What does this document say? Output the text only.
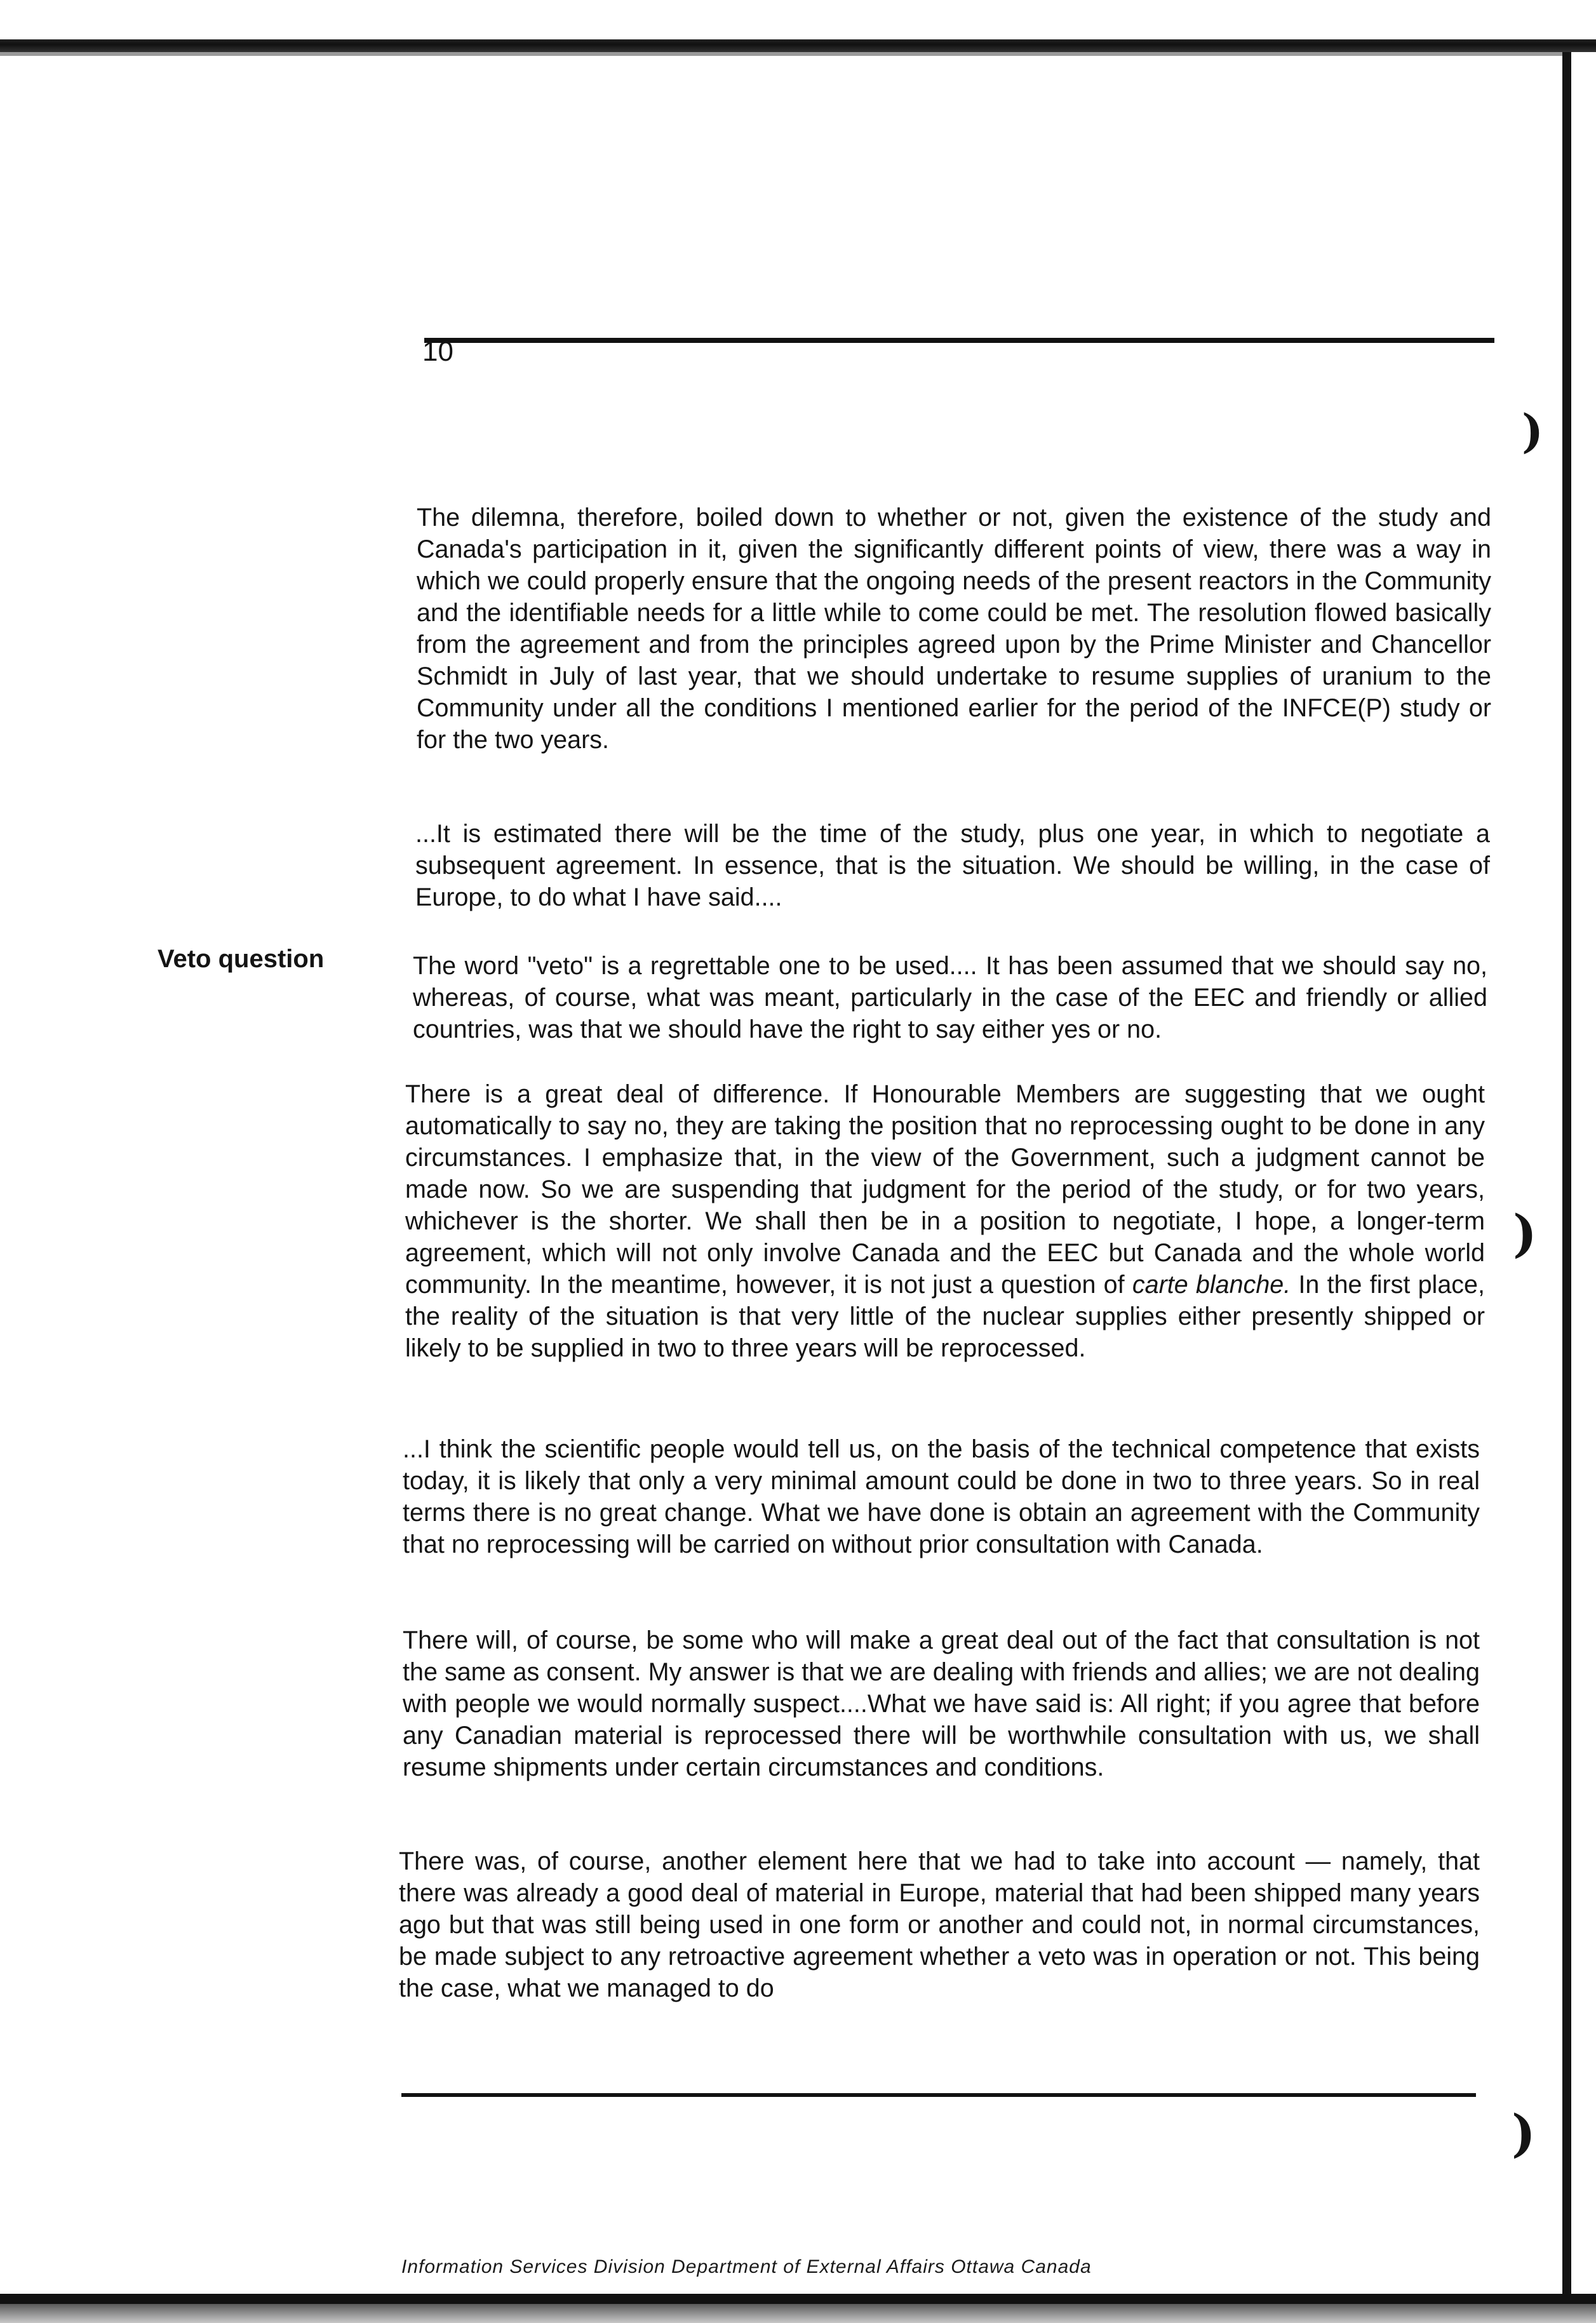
10
)
)
)
Veto question

The dilemna, therefore, boiled down to whether or not, given the existence of the study and Canada's participation in it, given the significantly different points of view, there was a way in which we could properly ensure that the ongoing needs of the present reactors in the Community and the identifiable needs for a little while to come could be met. The resolution flowed basically from the agreement and from the principles agreed upon by the Prime Minister and Chancellor Schmidt in July of last year, that we should undertake to resume supplies of uranium to the Community under all the conditions I mentioned earlier for the period of the INFCE(P) study or for the two years.

...It is estimated there will be the time of the study, plus one year, in which to negotiate a subsequent agreement. In essence, that is the situation. We should be willing, in the case of Europe, to do what I have said....

The word "veto" is a regrettable one to be used.... It has been assumed that we should say no, whereas, of course, what was meant, particularly in the case of the EEC and friendly or allied countries, was that we should have the right to say either yes or no.

There is a great deal of difference. If Honourable Members are suggesting that we ought automatically to say no, they are taking the position that no reprocessing ought to be done in any circumstances. I emphasize that, in the view of the Government, such a judgment cannot be made now. So we are suspending that judgment for the period of the study, or for two years, whichever is the shorter. We shall then be in a position to negotiate, I hope, a longer-term agreement, which will not only involve Canada and the EEC but Canada and the whole world community. In the meantime, however, it is not just a question of carte blanche. In the first place, the reality of the situation is that very little of the nuclear supplies either presently shipped or likely to be supplied in two to three years will be reprocessed.

...I think the scientific people would tell us, on the basis of the technical competence that exists today, it is likely that only a very minimal amount could be done in two to three years. So in real terms there is no great change. What we have done is obtain an agreement with the Community that no reprocessing will be carried on without prior consultation with Canada.

There will, of course, be some who will make a great deal out of the fact that consultation is not the same as consent. My answer is that we are dealing with friends and allies; we are not dealing with people we would normally suspect....What we have said is: All right; if you agree that before any Canadian material is reprocessed there will be worthwhile consultation with us, we shall resume shipments under certain circumstances and conditions.

There was, of course, another element here that we had to take into account — namely, that there was already a good deal of material in Europe, material that had been shipped many years ago but that was still being used in one form or another and could not, in normal circumstances, be made subject to any retroactive agreement whether a veto was in operation or not. This being the case, what we managed to do

Information Services Division Department of External Affairs Ottawa Canada
